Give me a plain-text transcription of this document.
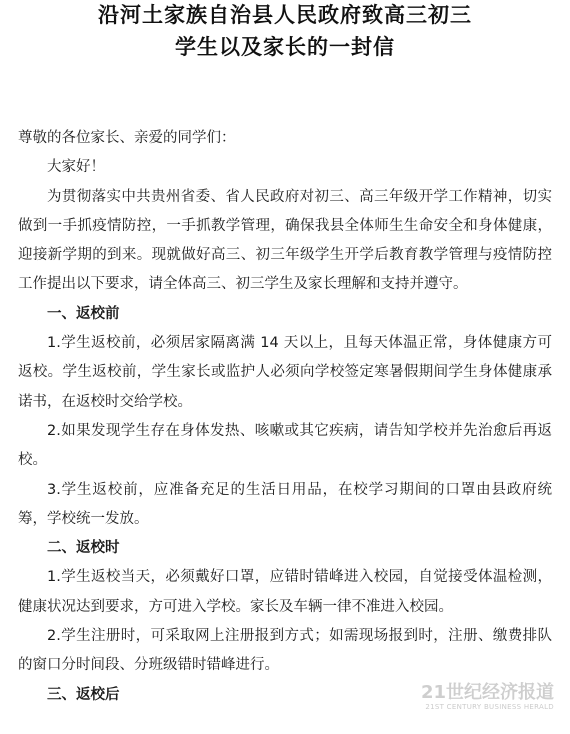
沿河土家族自治县人民政府致高三初三
学生以及家长的一封信

尊敬的各位家长、亲爱的同学们：

大家好！

为贯彻落实中共贵州省委、省人民政府对初三、高三年级开学工作精神，切实做到一手抓疫情防控，一手抓教学管理，确保我县全体师生生命安全和身体健康，迎接新学期的到来。现就做好高三、初三年级学生开学后教育教学管理与疫情防控工作提出以下要求，请全体高三、初三学生及家长理解和支持并遵守。

一、返校前

1.学生返校前，必须居家隔离满 14 天以上，且每天体温正常，身体健康方可返校。学生返校前，学生家长或监护人必须向学校签定寒暑假期间学生身体健康承诺书，在返校时交给学校。

2.如果发现学生存在身体发热、咳嗽或其它疾病，请告知学校并先治愈后再返校。

3.学生返校前，应准备充足的生活日用品，在校学习期间的口罩由县政府统筹，学校统一发放。

二、返校时

1.学生返校当天，必须戴好口罩，应错时错峰进入校园，自觉接受体温检测，健康状况达到要求，方可进入学校。家长及车辆一律不准进入校园。

2.学生注册时，可采取网上注册报到方式；如需现场报到时，注册、缴费排队的窗口分时间段、分班级错时错峰进行。

三、返校后	21世纪经济报道
21ST CENTURY BUSINESS HERALD
